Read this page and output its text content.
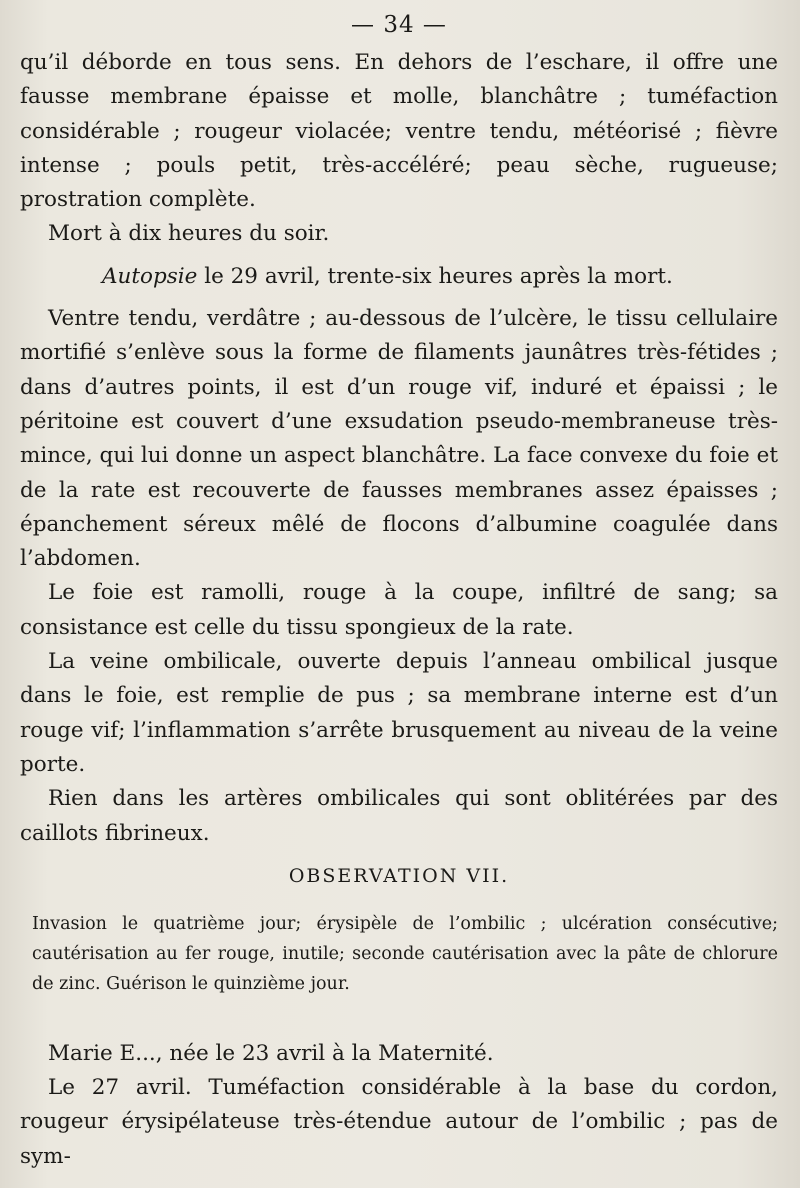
— 34 —

qu’il déborde en tous sens. En dehors de l’eschare, il offre une fausse membrane épaisse et molle, blanchâtre ; tuméfaction considérable ; rougeur violacée; ventre tendu, météorisé ; fièvre intense ; pouls petit, très-accéléré; peau sèche, rugueuse; prostration complète.

Mort à dix heures du soir.

Autopsie le 29 avril, trente-six heures après la mort.

Ventre tendu, verdâtre ; au-dessous de l’ulcère, le tissu cellulaire mortifié s’enlève sous la forme de filaments jaunâtres très-fétides ; dans d’autres points, il est d’un rouge vif, induré et épaissi ; le péritoine est couvert d’une exsudation pseudo-membraneuse très-mince, qui lui donne un aspect blanchâtre. La face convexe du foie et de la rate est recouverte de fausses membranes assez épaisses ; épanchement séreux mêlé de flocons d’albumine coagulée dans l’abdomen.

Le foie est ramolli, rouge à la coupe, infiltré de sang; sa consistance est celle du tissu spongieux de la rate.

La veine ombilicale, ouverte depuis l’anneau ombilical jusque dans le foie, est remplie de pus ; sa membrane interne est d’un rouge vif; l’inflammation s’arrête brusquement au niveau de la veine porte.

Rien dans les artères ombilicales qui sont oblitérées par des caillots fibrineux.

OBSERVATION VII.

Invasion le quatrième jour; érysipèle de l’ombilic ; ulcération consécutive; cautérisation au fer rouge, inutile; seconde cautérisation avec la pâte de chlorure de zinc. Guérison le quinzième jour.

Marie E..., née le 23 avril à la Maternité.

Le 27 avril. Tuméfaction considérable à la base du cordon, rougeur érysipélateuse très-étendue autour de l’ombilic ; pas de sym-
